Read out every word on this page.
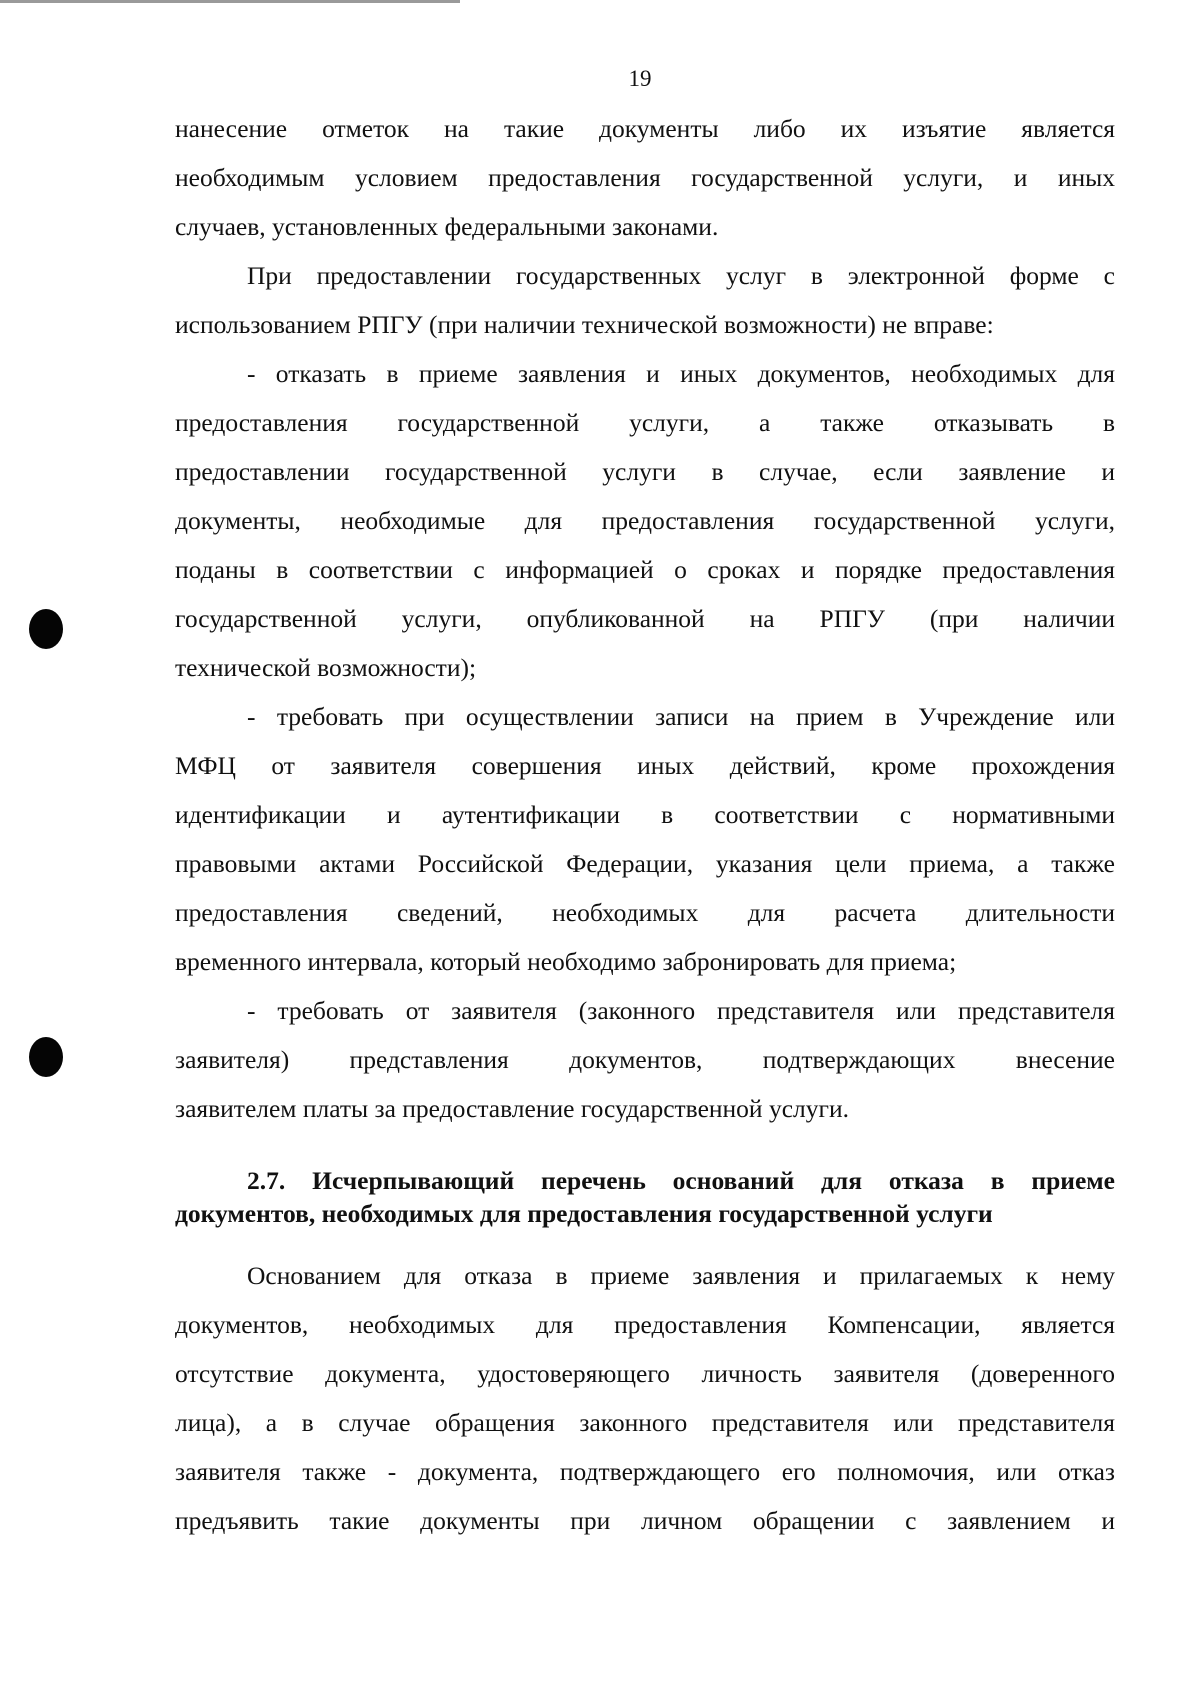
19
нанесение отметок на такие документы либо их изъятие является
необходимым условием предоставления государственной услуги, и иных
случаев, установленных федеральными законами.
При предоставлении государственных услуг в электронной форме с
использованием РПГУ (при наличии технической возможности) не вправе:
- отказать в приеме заявления и иных документов, необходимых для
предоставления государственной услуги, а также отказывать в
предоставлении государственной услуги в случае, если заявление и
документы, необходимые для предоставления государственной услуги,
поданы в соответствии с информацией о сроках и порядке предоставления
государственной услуги, опубликованной на РПГУ (при наличии
технической возможности);
- требовать при осуществлении записи на прием в Учреждение или
МФЦ от заявителя совершения иных действий, кроме прохождения
идентификации и аутентификации в соответствии с нормативными
правовыми актами Российской Федерации, указания цели приема, а также
предоставления сведений, необходимых для расчета длительности
временного интервала, который необходимо забронировать для приема;
- требовать от заявителя (законного представителя или представителя
заявителя) представления документов, подтверждающих внесение
заявителем платы за предоставление государственной услуги.
2.7. Исчерпывающий перечень оснований для отказа в приеме
документов, необходимых для предоставления государственной услуги
Основанием для отказа в приеме заявления и прилагаемых к нему
документов, необходимых для предоставления Компенсации, является
отсутствие документа, удостоверяющего личность заявителя (доверенного
лица), а в случае обращения законного представителя или представителя
заявителя также - документа, подтверждающего его полномочия, или отказ
предъявить такие документы при личном обращении с заявлением и
